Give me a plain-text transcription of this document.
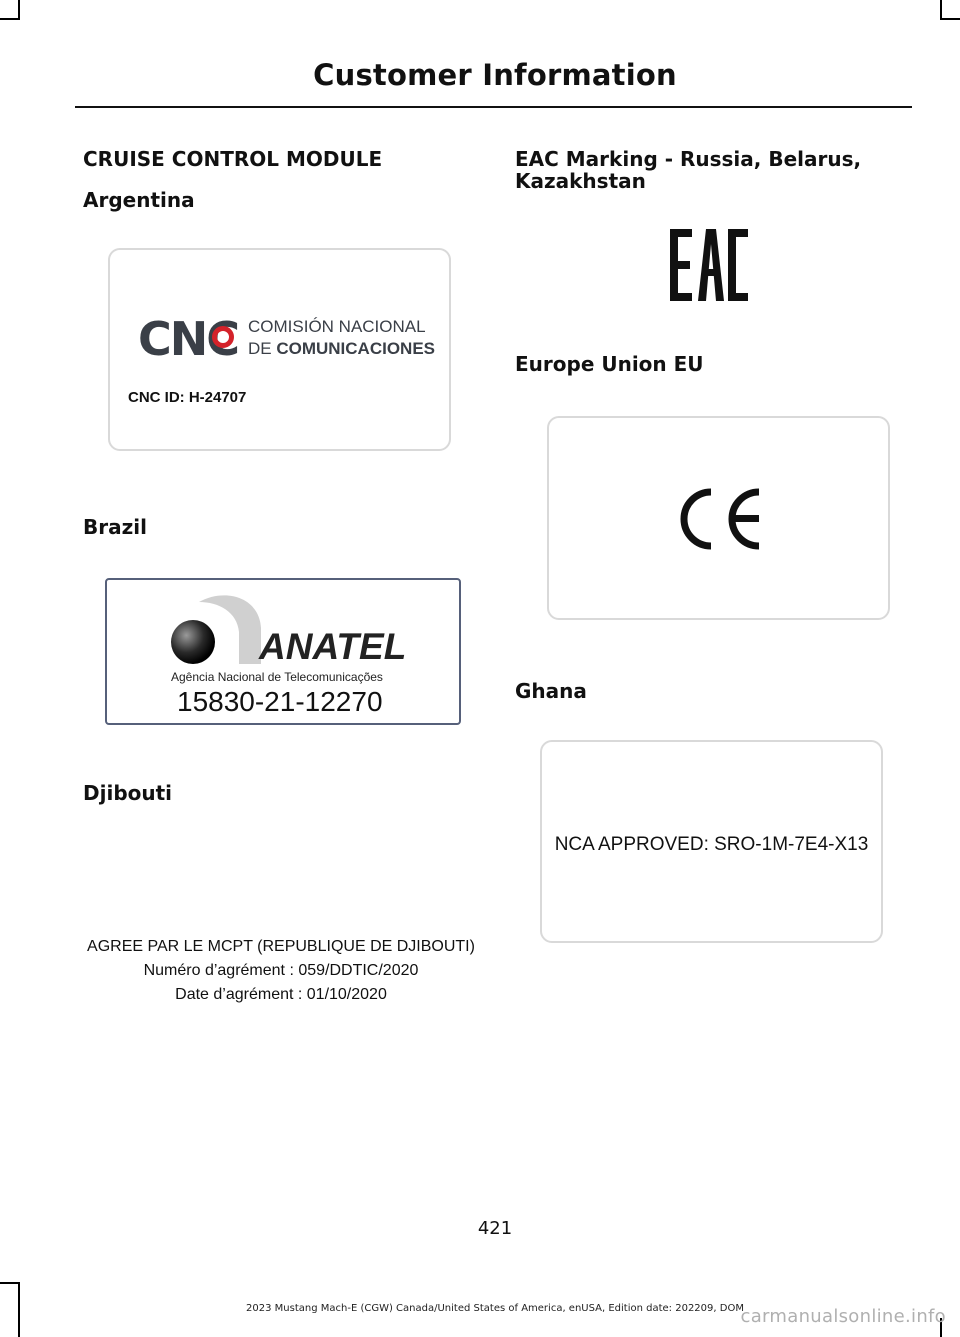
Customer Information
CRUISE CONTROL MODULE
Argentina
CNC COMISIÓN NACIONAL
DE COMUNICACIONES
CNC ID: H-24707
Brazil
ANATEL
Agência Nacional de Telecomunicações
15830-21-12270
Djibouti
AGREE PAR LE MCPT (REPUBLIQUE DE DJIBOUTI)
Numéro d’agrément : 059/DDTIC/2020
Date d’agrément : 01/10/2020
EAC Marking - Russia, Belarus, Kazakhstan
Europe Union EU
Ghana
NCA APPROVED: SRO-1M-7E4-X13
421
2023 Mustang Mach-E (CGW) Canada/United States of America, enUSA, Edition date: 202209, DOM
carmanualsonline.info
